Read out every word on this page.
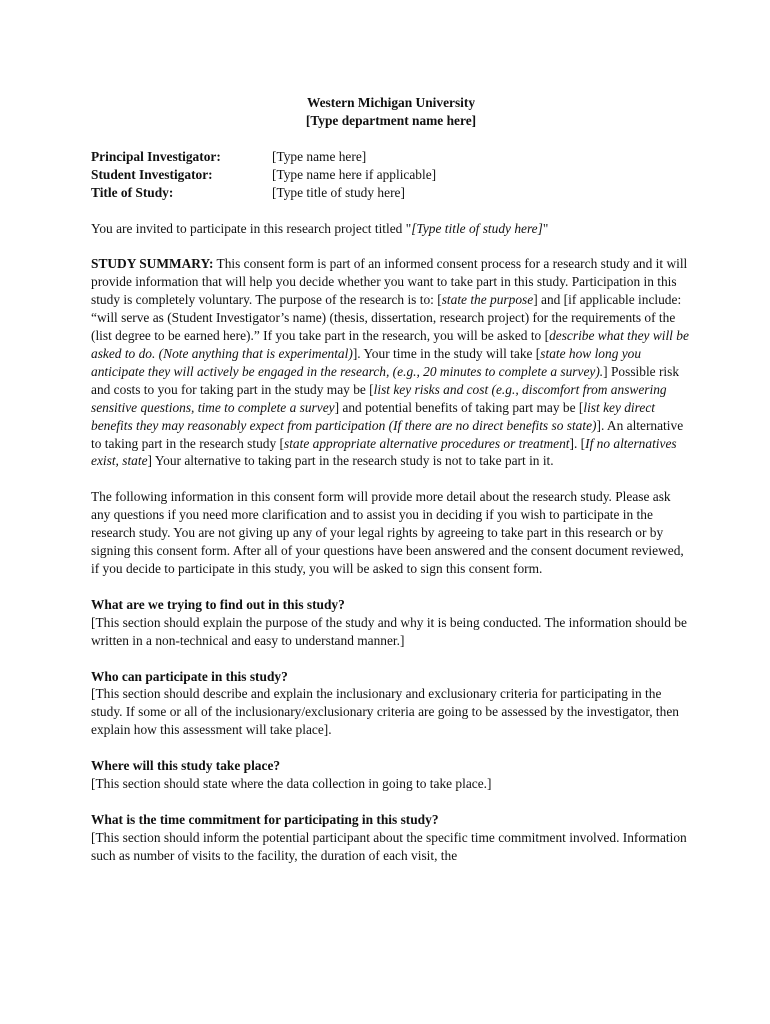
Western Michigan University
[Type department name here]
Principal Investigator:	[Type name here]
Student Investigator:	[Type name here if applicable]
Title of Study:	[Type title of study here]

You are invited to participate in this research project titled "[Type title of study here]"

STUDY SUMMARY: This consent form is part of an informed consent process for a research study and it will provide information that will help you decide whether you want to take part in this study. Participation in this study is completely voluntary. The purpose of the research is to: [state the purpose] and [if applicable include: “will serve as (Student Investigator’s name) (thesis, dissertation, research project) for the requirements of the (list degree to be earned here).” If you take part in the research, you will be asked to [describe what they will be asked to do. (Note anything that is experimental)]. Your time in the study will take [state how long you anticipate they will actively be engaged in the research, (e.g., 20 minutes to complete a survey).] Possible risk and costs to you for taking part in the study may be [list key risks and cost (e.g., discomfort from answering sensitive questions, time to complete a survey] and potential benefits of taking part may be [list key direct benefits they may reasonably expect from participation (If there are no direct benefits so state)]. An alternative to taking part in the research study [state appropriate alternative procedures or treatment]. [If no alternatives exist, state] Your alternative to taking part in the research study is not to take part in it.

The following information in this consent form will provide more detail about the research study. Please ask any questions if you need more clarification and to assist you in deciding if you wish to participate in the research study. You are not giving up any of your legal rights by agreeing to take part in this research or by signing this consent form. After all of your questions have been answered and the consent document reviewed, if you decide to participate in this study, you will be asked to sign this consent form.

What are we trying to find out in this study?

[This section should explain the purpose of the study and why it is being conducted. The information should be written in a non-technical and easy to understand manner.]

Who can participate in this study?

[This section should describe and explain the inclusionary and exclusionary criteria for participating in the study. If some or all of the inclusionary/exclusionary criteria are going to be assessed by the investigator, then explain how this assessment will take place].

Where will this study take place?

[This section should state where the data collection in going to take place.]

What is the time commitment for participating in this study?

[This section should inform the potential participant about the specific time commitment involved. Information such as number of visits to the facility, the duration of each visit, the
